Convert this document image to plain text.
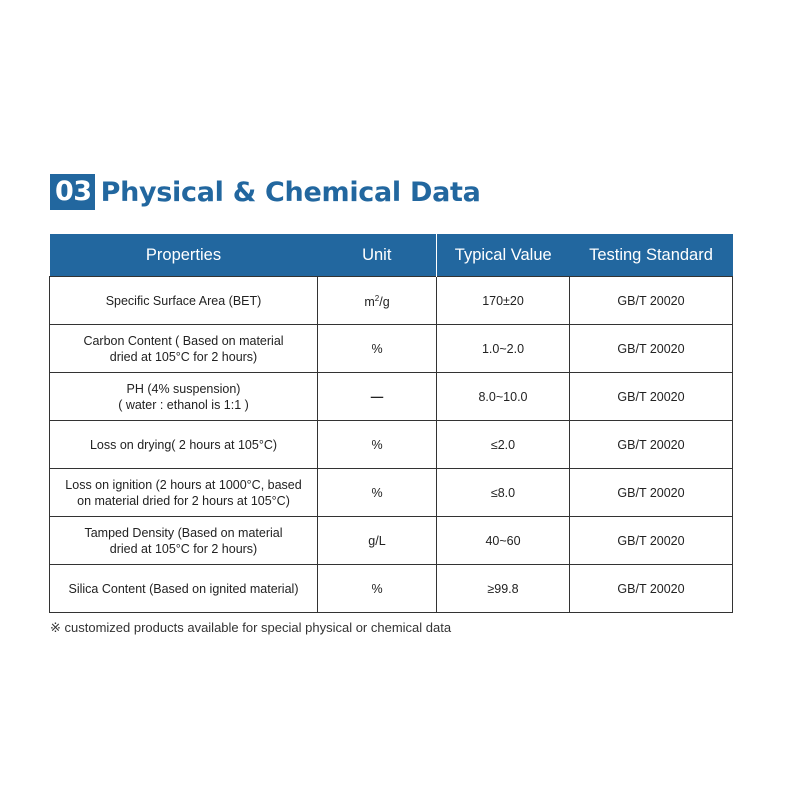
03 Physical & Chemical Data
Properties	Unit	Typical Value	Testing Standard
Specific Surface Area (BET)	$m^2/g$	170±20	GB/T 20020

Carbon Content ( Based on material
dried at 105°C for 2 hours)	%	1.0~2.0	GB/T 20020

PH (4% suspension)
( water : ethanol is 1:1 )	—	8.0~10.0	GB/T 20020
Loss on drying( 2 hours at 105°C)	%	≤2.0	GB/T 20020

Loss on ignition (2 hours at 1000°C, based
on material dried for 2 hours at 105°C)	%	≤8.0	GB/T 20020

Tamped Density (Based on material
dried at 105°C for 2 hours)	g/L	40~60	GB/T 20020
Silica Content (Based on ignited material)	%	≥99.8	GB/T 20020
※ customized products available for special physical or chemical data
